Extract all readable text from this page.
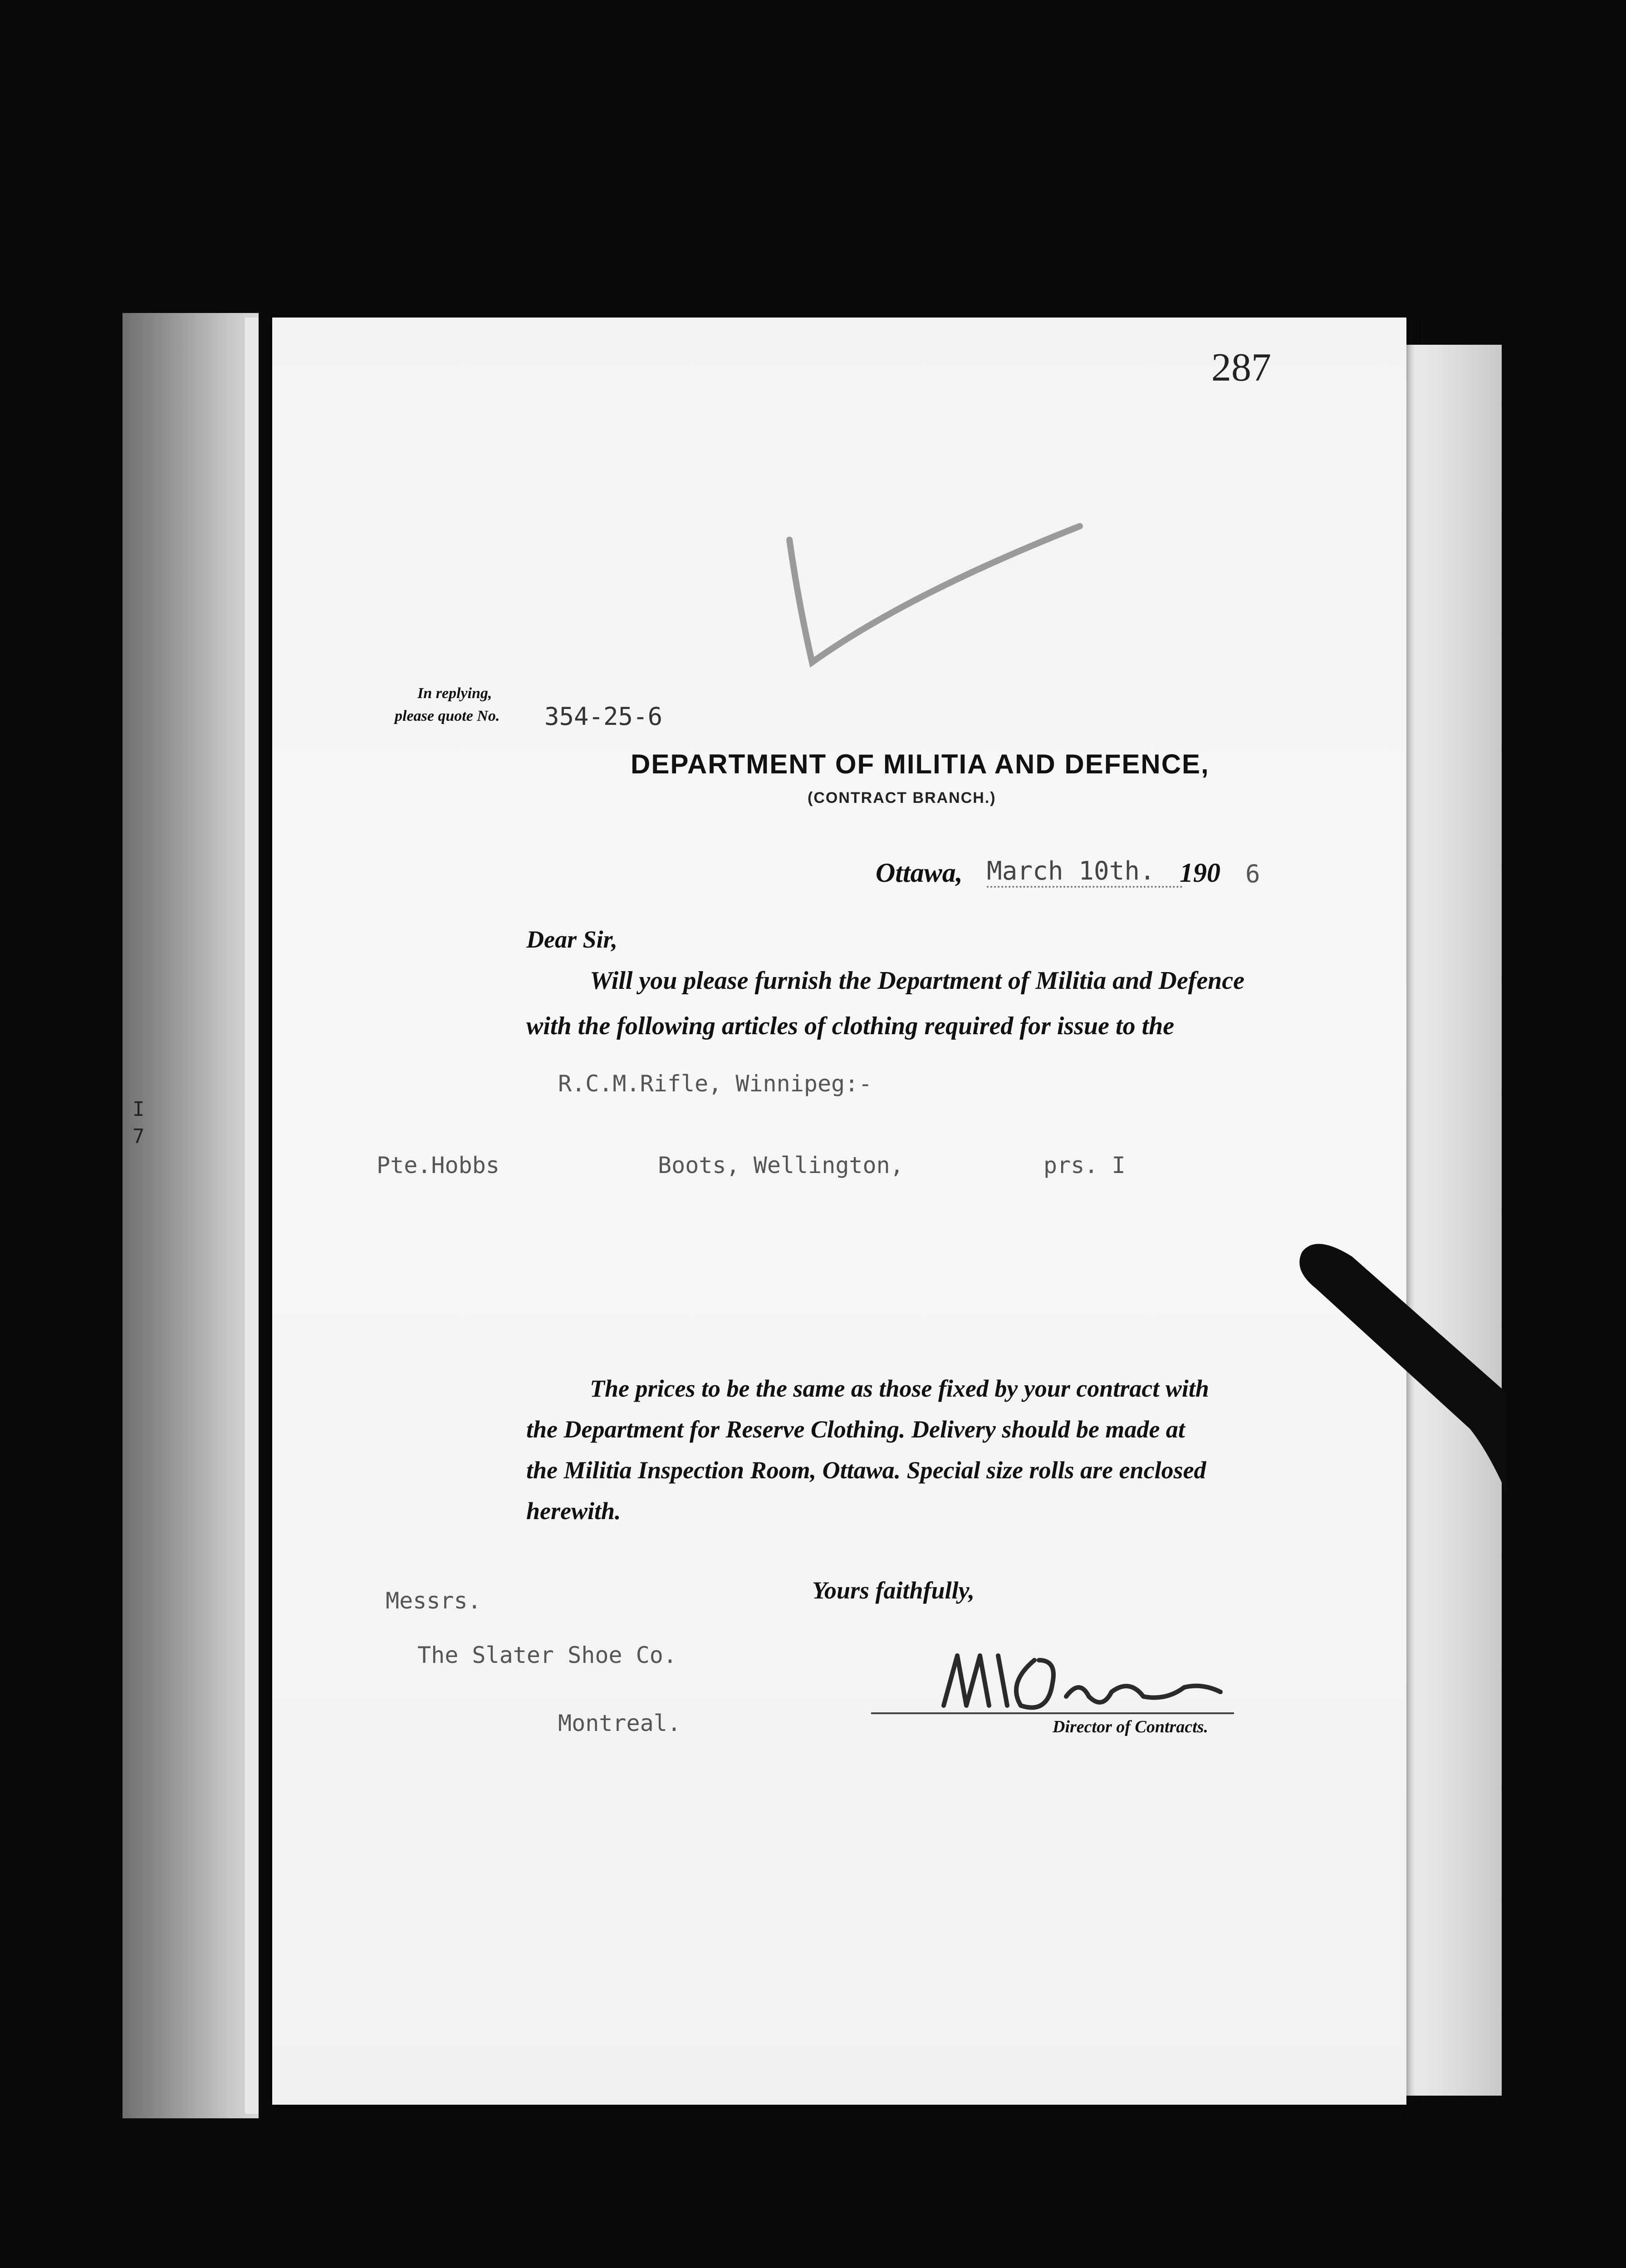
I
7
287
In replying,
please quote No. 354-25-6
DEPARTMENT OF MILITIA AND DEFENCE,
(CONTRACT BRANCH.)
Ottawa, March 10th. 190 6
Dear Sir,
Will you please furnish the Department of Militia and Defence
with the following articles of clothing required for issue to the
R.C.M.Rifle, Winnipeg:-
Pte.Hobbs	Boots, Wellington,	prs. I
The prices to be the same as those fixed by your contract with
the Department for Reserve Clothing. Delivery should be made at
the Militia Inspection Room, Ottawa. Special size rolls are enclosed
herewith.
Yours faithfully,
Messrs.
The Slater Shoe Co.
Montreal.	Director of Contracts.
